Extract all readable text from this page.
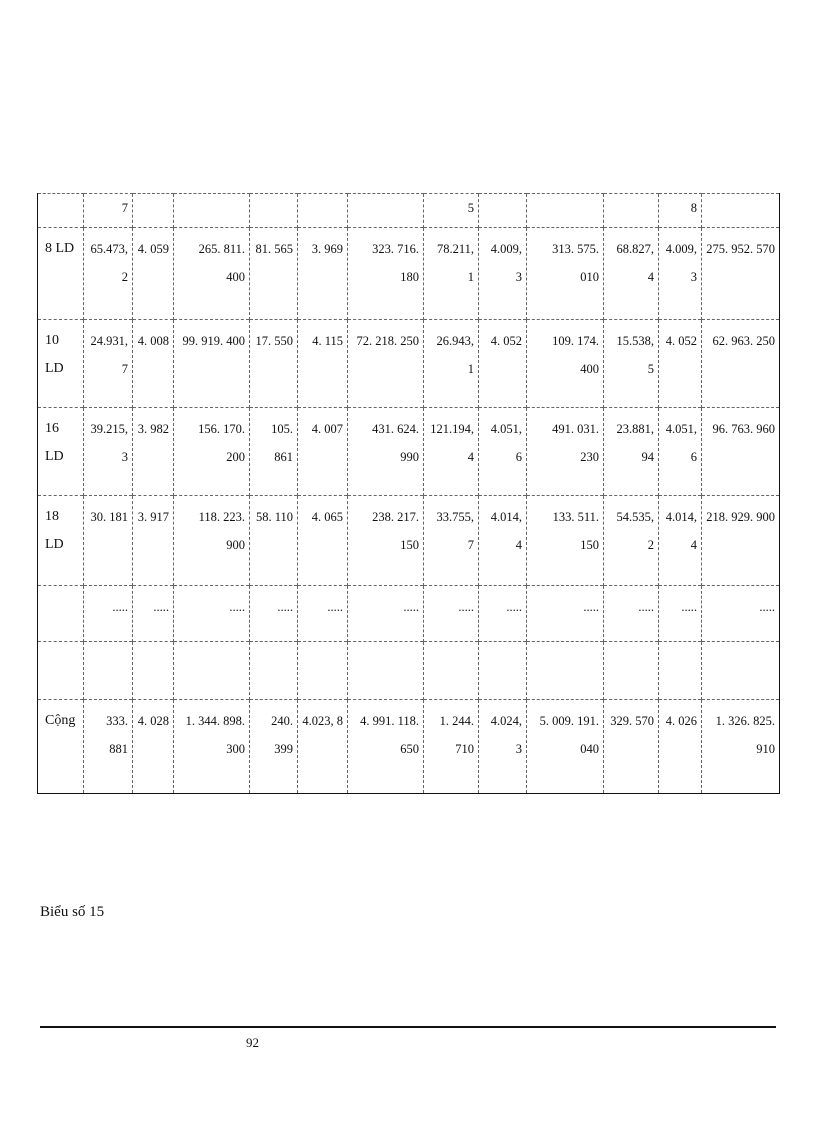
	7						5				8	

8 LD	65.473, 2	4. 059	265. 811. 400	81. 565	3. 969	323. 716. 180	78.211, 1	4.009, 3	313. 575. 010	68.827, 4	4.009, 3	275. 952. 570

10 LD	24.931, 7	4. 008	99. 919. 400	17. 550	4. 115	72. 218. 250	26.943, 1	4. 052	109. 174. 400	15.538, 5	4. 052	62. 963. 250

16 LD	39.215, 3	3. 982	156. 170. 200	105. 861	4. 007	431. 624. 990	121.194, 4	4.051, 6	491. 031. 230	23.881, 94	4.051, 6	96. 763. 960

18 LD	30. 181	3. 917	118. 223. 900	58. 110	4. 065	238. 217. 150	33.755, 7	4.014, 4	133. 511. 150	54.535, 2	4.014, 4	218. 929. 900

	.....	.....	.....	.....	.....	.....	.....	.....	.....	.....	.....	.....

Cộng	333. 881	4. 028	1. 344. 898. 300	240. 399	4.023, 8	4. 991. 118. 650	1. 244. 710	4.024, 3	5. 009. 191. 040	329. 570	4. 026	1. 326. 825. 910
Biểu số 15
92
